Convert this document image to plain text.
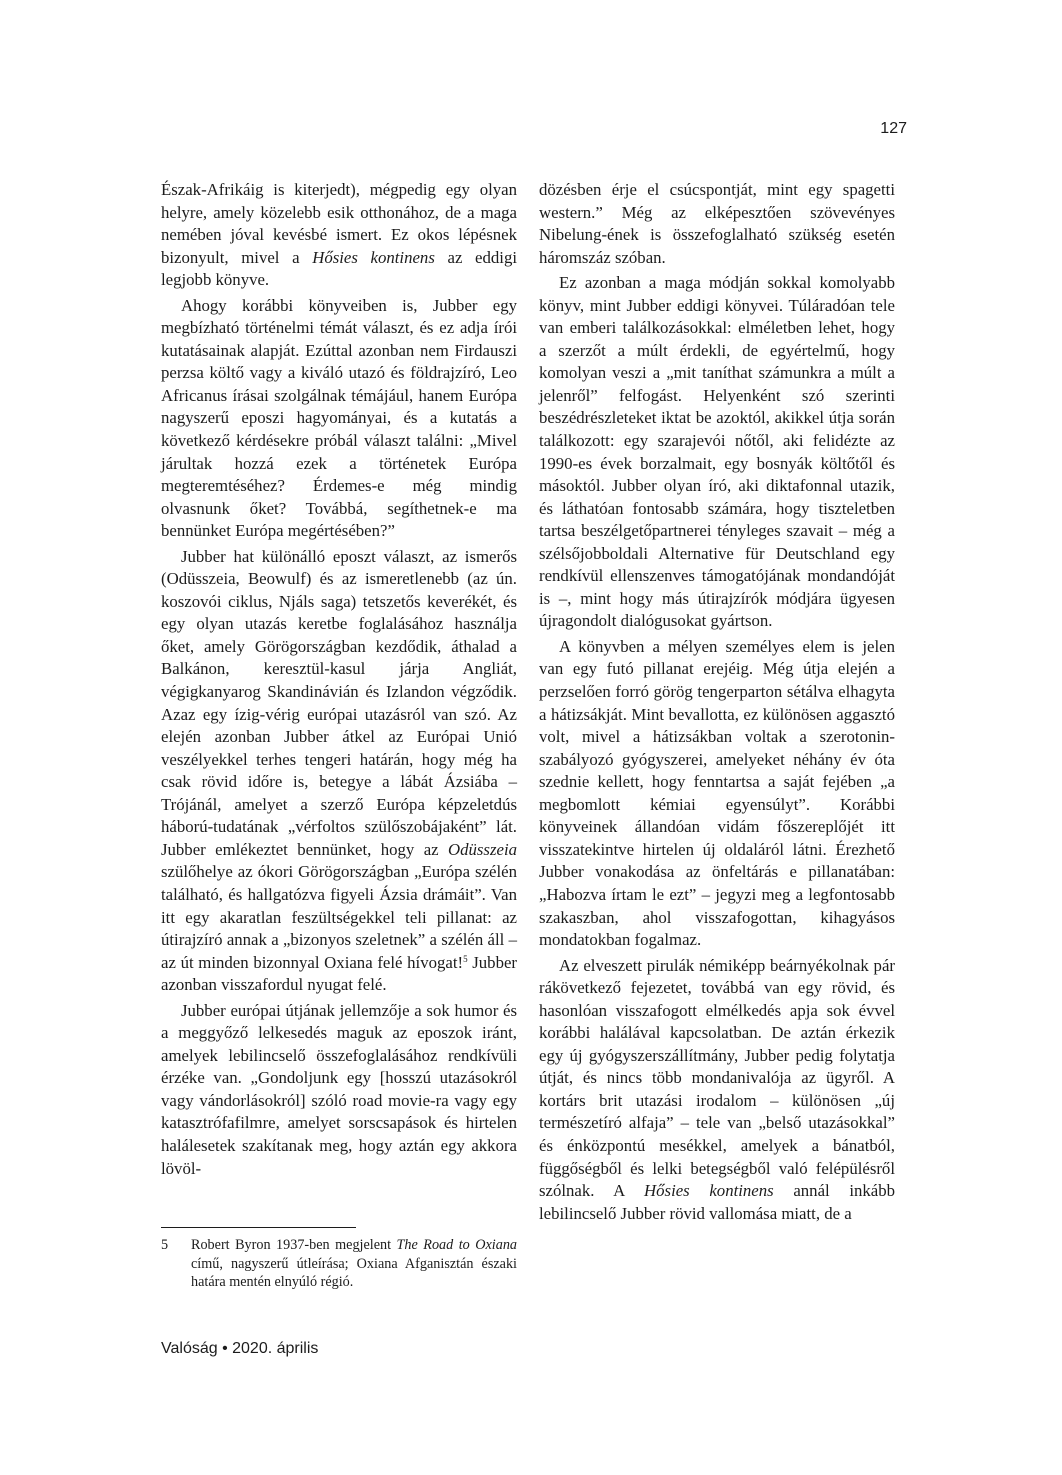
127

Észak-Afrikáig is kiterjedt), mégpedig egy olyan helyre, amely közelebb esik otthonához, de a maga nemében jóval kevésbé ismert. Ez okos lépésnek bizonyult, mivel a Hősies kontinens az eddigi legjobb könyve.

Ahogy korábbi könyveiben is, Jubber egy megbízható történelmi témát választ, és ez adja írói kutatásainak alapját. Ezúttal azonban nem Firdauszi perzsa költő vagy a kiváló utazó és földrajzíró, Leo Africanus írásai szolgálnak témájául, hanem Európa nagyszerű eposzi hagyományai, és a kutatás a következő kérdésekre próbál választ találni: „Mivel járultak hozzá ezek a történetek Európa megteremtéséhez? Érdemes-e még mindig olvasnunk őket? Továbbá, segíthetnek-e ma bennünket Európa megértésében?”

Jubber hat különálló eposzt választ, az ismerős (Odüsszeia, Beowulf) és az ismeretlenebb (az ún. koszovói ciklus, Njáls saga) tetszetős keverékét, és egy olyan utazás keretbe foglalásához használja őket, amely Görögországban kezdődik, áthalad a Balkánon, keresztül-kasul járja Angliát, végigkanyarog Skandinávián és Izlandon végződik. Azaz egy ízig-vérig európai utazásról van szó. Az elején azonban Jubber átkel az Európai Unió veszélyekkel terhes tengeri határán, hogy még ha csak rövid időre is, betegye a lábát Ázsiába – Trójánál, amelyet a szerző Európa képzeletdús háború-tudatának „vérfoltos szülőszobájaként” lát. Jubber emlékeztet bennünket, hogy az Odüsszeia szülőhelye az ókori Görögországban „Európa szélén található, és hallgatózva figyeli Ázsia drámáit”. Van itt egy akaratlan feszültségekkel teli pillanat: az útirajzíró annak a „bizonyos szeletnek” a szélén áll – az út minden bizonnyal Oxiana felé hívogat!$^5$ Jubber azonban visszafordul nyugat felé.

Jubber európai útjának jellemzője a sok humor és a meggyőző lelkesedés maguk az eposzok iránt, amelyek lebilincselő összefoglalásához rendkívüli érzéke van. „Gondoljunk egy [hosszú utazásokról vagy vándorlásokról] szóló road movie-ra vagy egy katasztrófafilmre, amelyet sorscsapások és hirtelen halálesetek szakítanak meg, hogy aztán egy akkora lövöl-

5	Robert Byron 1937-ben megjelent The Road to Oxiana című, nagyszerű útleírása; Oxiana Afganisztán északi határa mentén elnyúló régió.

dözésben érje el csúcspontját, mint egy spagetti western.” Még az elképesztően szövevényes Nibelung-ének is összefoglalható szükség esetén háromszáz szóban.

Ez azonban a maga módján sokkal komolyabb könyv, mint Jubber eddigi könyvei. Túláradóan tele van emberi találkozásokkal: elméletben lehet, hogy a szerzőt a múlt érdekli, de egyértelmű, hogy komolyan veszi a „mit taníthat számunkra a múlt a jelenről” felfogást. Helyenként szó szerinti beszédrészleteket iktat be azoktól, akikkel útja során találkozott: egy szarajevói nőtől, aki felidézte az 1990-es évek borzalmait, egy bosnyák költőtől és másoktól. Jubber olyan író, aki diktafonnal utazik, és láthatóan fontosabb számára, hogy tiszteletben tartsa beszélgetőpartnerei tényleges szavait – még a szélsőjobboldali Alternative für Deutschland egy rendkívül ellenszenves támogatójának mondandóját is –, mint hogy más útirajzírók módjára ügyesen újragondolt dialógusokat gyártson.

A könyvben a mélyen személyes elem is jelen van egy futó pillanat erejéig. Még útja elején a perzselően forró görög tengerparton sétálva elhagyta a hátizsákját. Mint bevallotta, ez különösen aggasztó volt, mivel a hátizsákban voltak a szerotonin-szabályozó gyógyszerei, amelyeket néhány év óta szednie kellett, hogy fenntartsa a saját fejében „a megbomlott kémiai egyensúlyt”. Korábbi könyveinek állandóan vidám főszereplőjét itt visszatekintve hirtelen új oldaláról látni. Érezhető Jubber vonakodása az önfeltárás e pillanatában: „Habozva írtam le ezt” – jegyzi meg a legfontosabb szakaszban, ahol visszafogottan, kihagyásos mondatokban fogalmaz.

Az elveszett pirulák némiképp beárnyékolnak pár rákövetkező fejezetet, továbbá van egy rövid, és hasonlóan visszafogott elmélkedés apja sok évvel korábbi halálával kapcsolatban. De aztán érkezik egy új gyógyszerszállítmány, Jubber pedig folytatja útját, és nincs több mondanivalója az ügyről. A kortárs brit utazási irodalom – különösen „új természetíró alfaja” – tele van „belső utazásokkal” és énközpontú mesékkel, amelyek a bánatból, függőségből és lelki betegségből való felépülésről szólnak. A Hősies kontinens annál inkább lebilincselő Jubber rövid vallomása miatt, de a

Valóság • 2020. április
